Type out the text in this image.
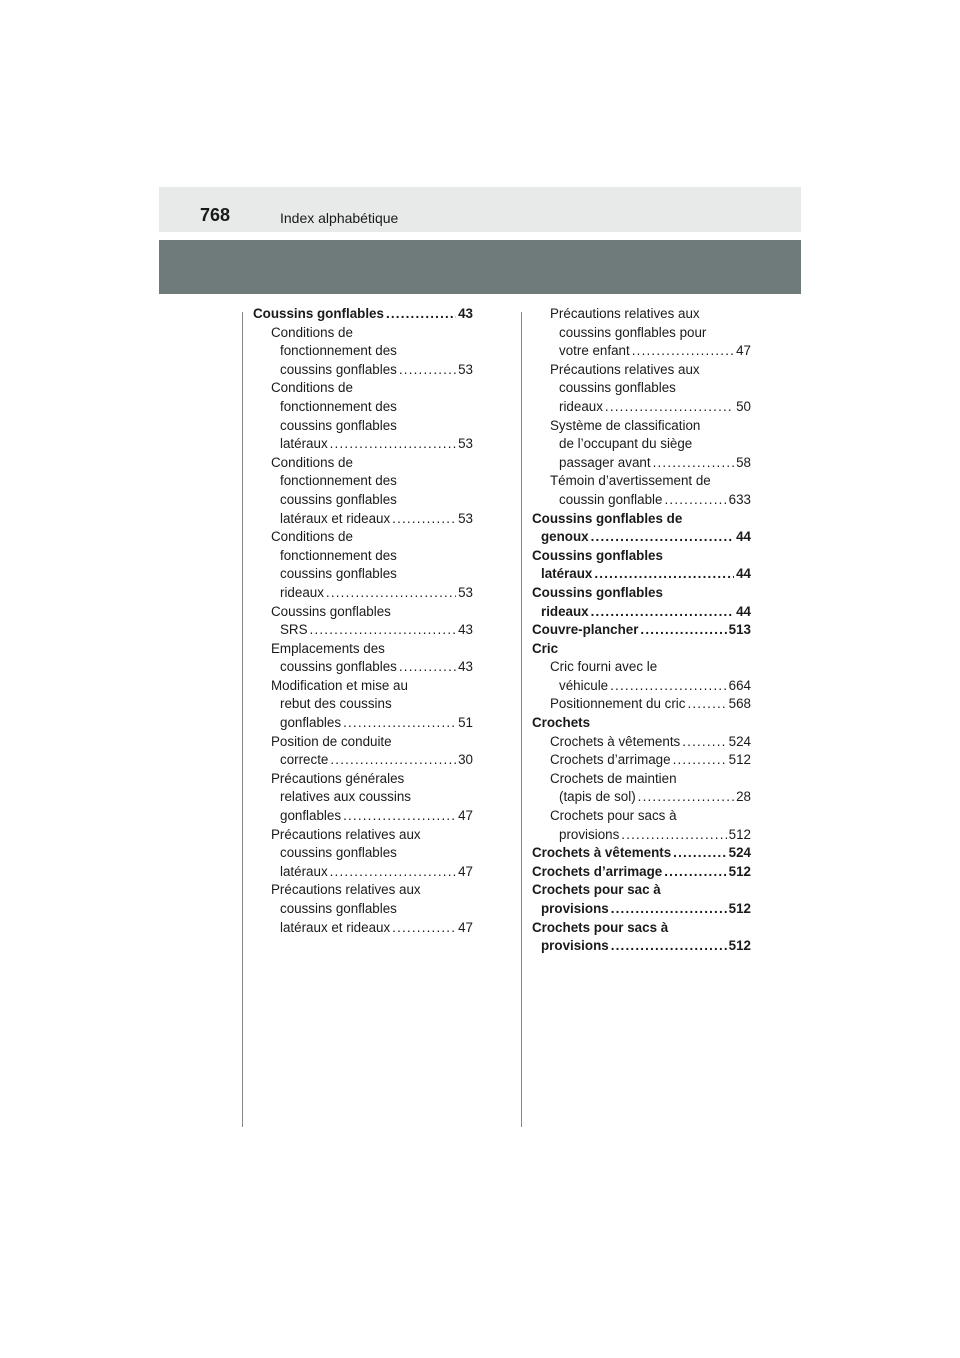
768	Index alphabétique
Coussins gonflables .....	43
Conditions de
fonctionnement des
coussins gonflables .....	53
Conditions de
fonctionnement des
coussins gonflables
latéraux .....	53
Conditions de
fonctionnement des
coussins gonflables
latéraux et rideaux .....	53
Conditions de
fonctionnement des
coussins gonflables
rideaux .....	53
Coussins gonflables
SRS .....	43
Emplacements des
coussins gonflables .....	43
Modification et mise au
rebut des coussins
gonflables .....	51
Position de conduite
correcte .....	30
Précautions générales
relatives aux coussins
gonflables .....	47
Précautions relatives aux
coussins gonflables
latéraux .....	47
Précautions relatives aux
coussins gonflables
latéraux et rideaux .....	47
Précautions relatives aux
coussins gonflables pour
votre enfant .....	47
Précautions relatives aux
coussins gonflables
rideaux .....	50
Système de classification
de l’occupant du siège
passager avant .....	58
Témoin d’avertissement de
coussin gonflable .....	633
Coussins gonflables de
genoux .....	44
Coussins gonflables
latéraux .....	44
Coussins gonflables
rideaux .....	44
Couvre-plancher .....	513
Cric
Cric fourni avec le
véhicule .....	664
Positionnement du cric .....	568
Crochets
Crochets à vêtements .....	524
Crochets d’arrimage .....	512
Crochets de maintien
(tapis de sol) .....	28
Crochets pour sacs à
provisions .....	512
Crochets à vêtements .....	524
Crochets d’arrimage .....	512
Crochets pour sac à
provisions .....	512
Crochets pour sacs à
provisions .....	512
